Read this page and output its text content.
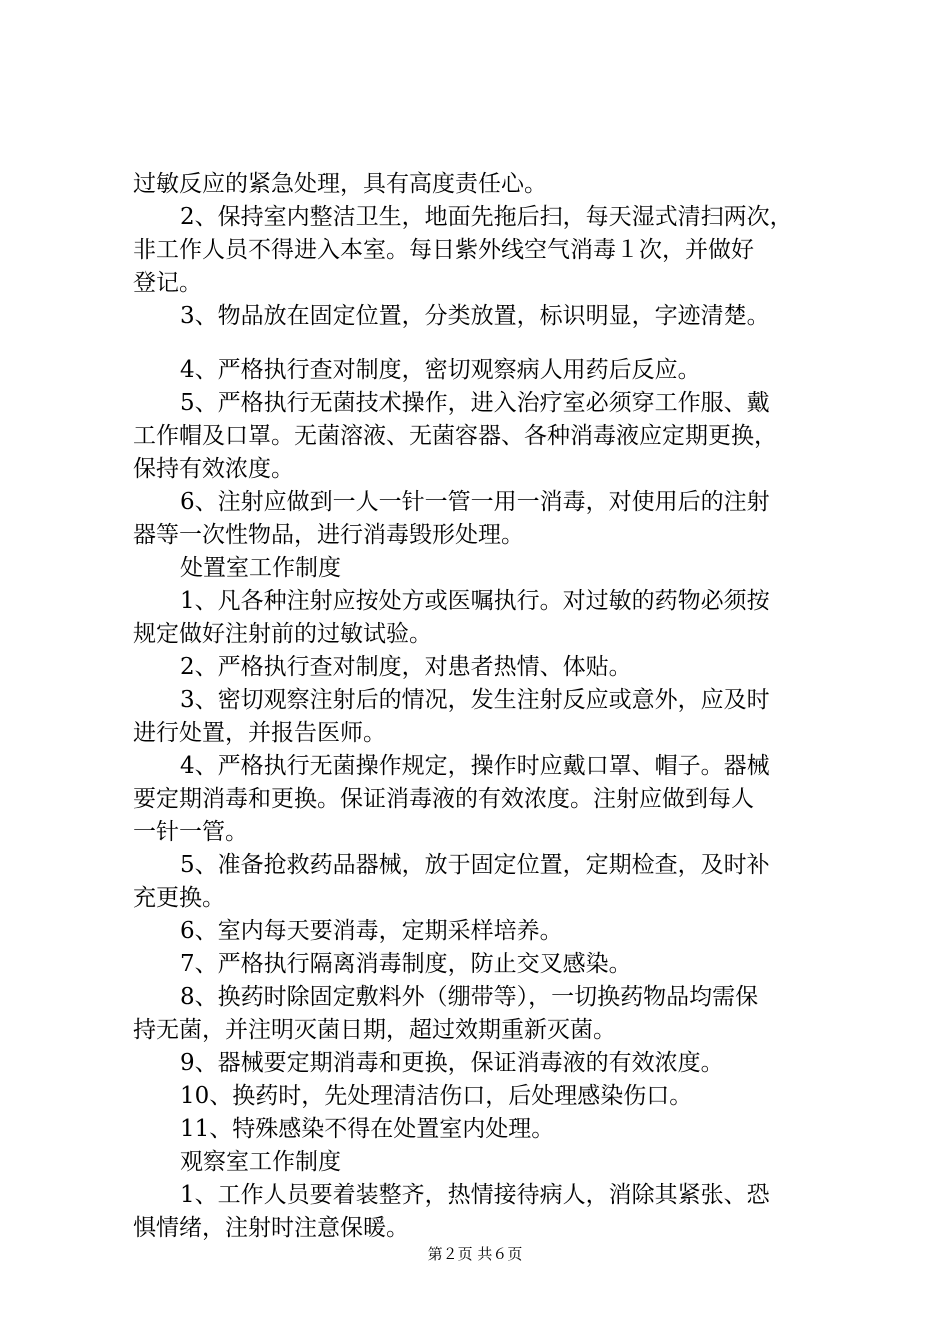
过敏反应的紧急处理，具有高度责任心。
2、保持室内整洁卫生，地面先拖后扫，每天湿式清扫两次，
非工作人员不得进入本室。每日紫外线空气消毒１次，并做好
登记。
3、物品放在固定位置，分类放置，标识明显，字迹清楚。
4、严格执行查对制度，密切观察病人用药后反应。
5、严格执行无菌技术操作，进入治疗室必须穿工作服、戴
工作帽及口罩。无菌溶液、无菌容器、各种消毒液应定期更换，
保持有效浓度。
6、注射应做到一人一针一管一用一消毒，对使用后的注射
器等一次性物品，进行消毒毁形处理。
处置室工作制度
1、凡各种注射应按处方或医嘱执行。对过敏的药物必须按
规定做好注射前的过敏试验。
2、严格执行查对制度，对患者热情、体贴。
3、密切观察注射后的情况，发生注射反应或意外，应及时
进行处置，并报告医师。
4、严格执行无菌操作规定，操作时应戴口罩、帽子。器械
要定期消毒和更换。保证消毒液的有效浓度。注射应做到每人
一针一管。
5、准备抢救药品器械，放于固定位置，定期检查，及时补
充更换。
6、室内每天要消毒，定期采样培养。
7、严格执行隔离消毒制度，防止交叉感染。
8、换药时除固定敷料外（绷带等），一切换药物品均需保
持无菌，并注明灭菌日期，超过效期重新灭菌。
9、器械要定期消毒和更换，保证消毒液的有效浓度。
10、换药时，先处理清洁伤口，后处理感染伤口。
11、特殊感染不得在处置室内处理。
观察室工作制度
1、工作人员要着装整齐，热情接待病人，消除其紧张、恐
惧情绪，注射时注意保暖。
第２页 共６页
